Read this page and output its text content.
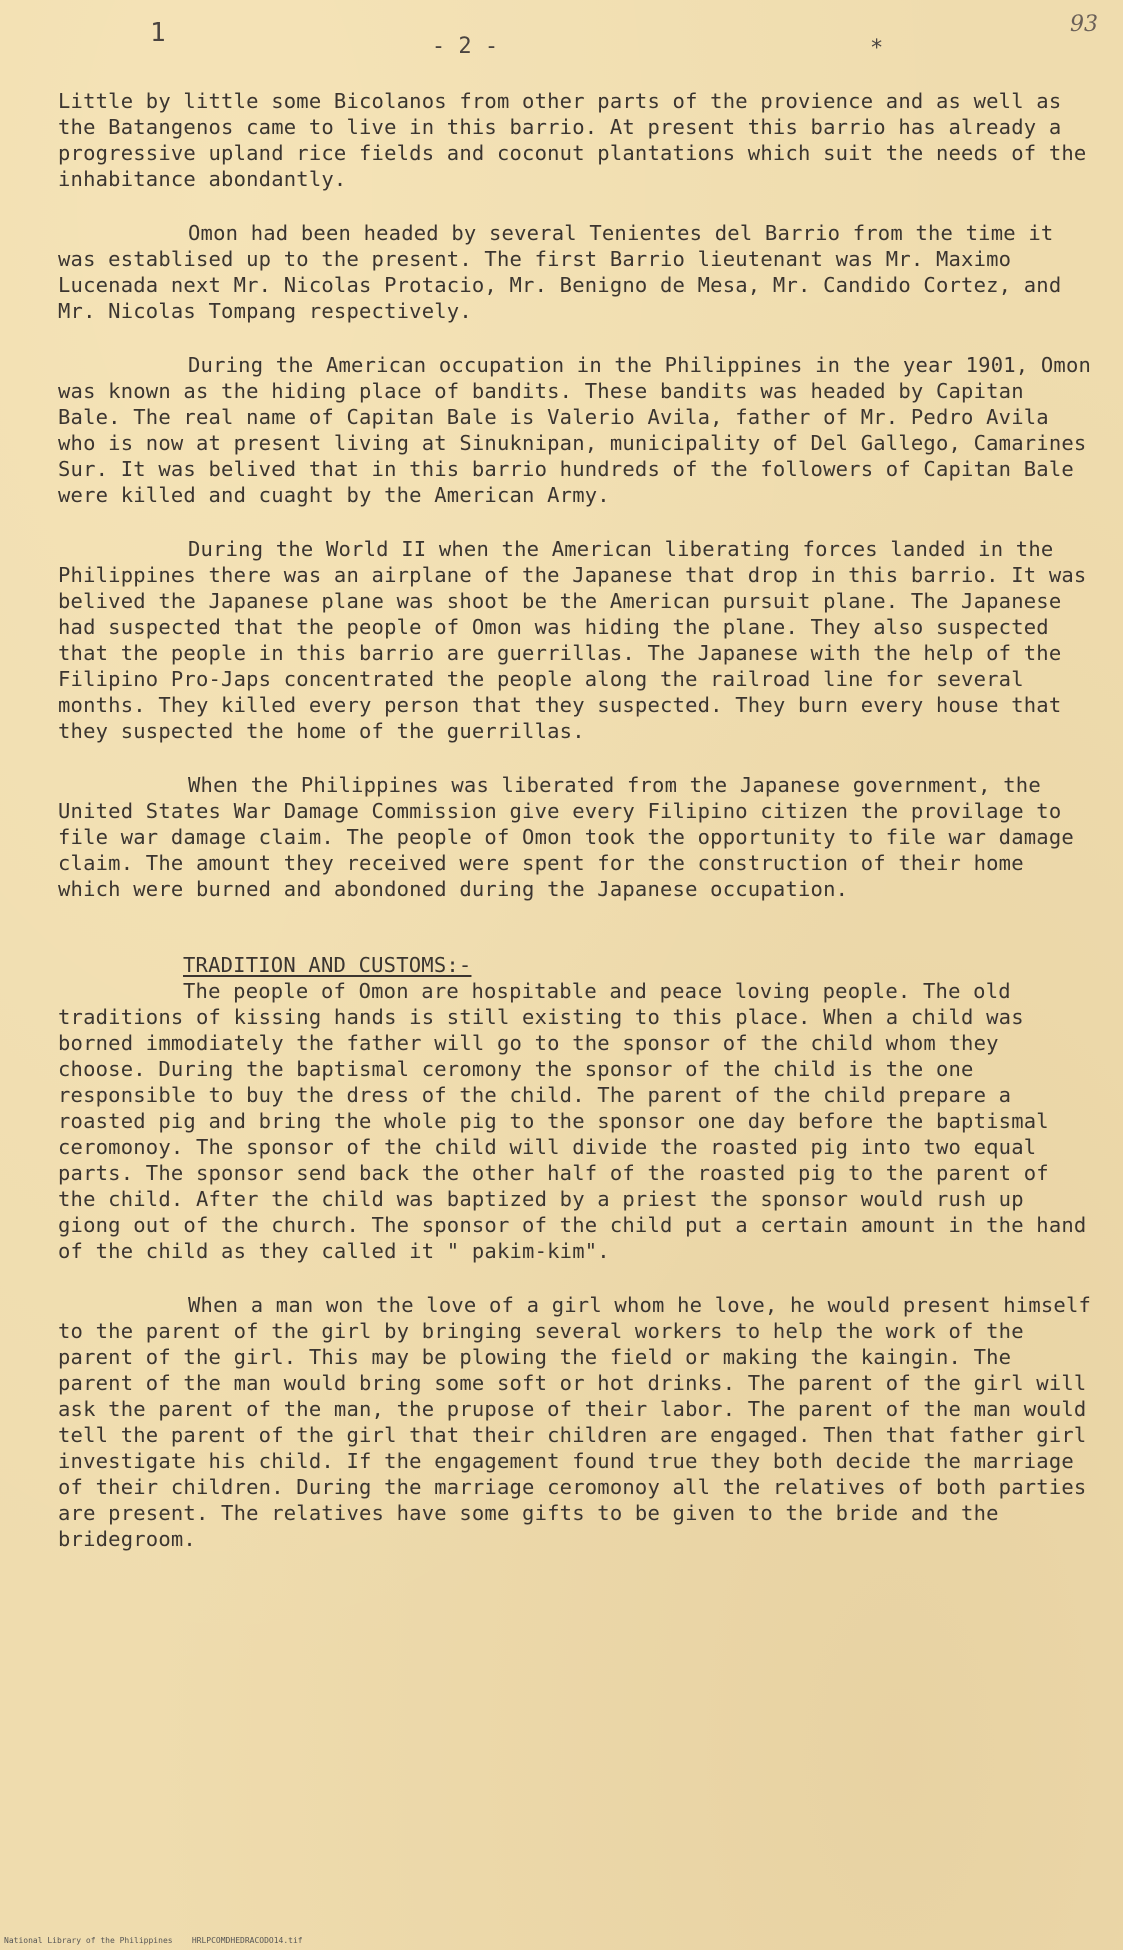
1	- 2 -	*
93

Little by little some Bicolanos from other parts of the provience and as well as the Batangenos came to live in this barrio. At present this barrio has already a progressive upland rice fields and coconut plantations which suit the needs of the inhabitance abondantly.

Omon had been headed by several Tenientes del Barrio from the time it was establised up to the present. The first Barrio lieutenant was Mr. Maximo Lucenada next Mr. Nicolas Protacio, Mr. Benigno de Mesa, Mr. Candido Cortez, and Mr. Nicolas Tompang respectively.

During the American occupation in the Philippines in the year 1901, Omon was known as the hiding place of bandits. These bandits was headed by Capitan Bale. The real name of Capitan Bale is Valerio Avila, father of Mr. Pedro Avila who is now at present living at Sinuknipan, municipality of Del Gallego, Camarines Sur. It was belived that in this barrio hundreds of the followers of Capitan Bale were killed and cuaght by the American Army.

During the World II when the American liberating forces landed in the Philippines there was an airplane of the Japanese that drop in this barrio. It was belived the Japanese plane was shoot be the American pursuit plane. The Japanese had suspected that the people of Omon was hiding the plane. They also suspected that the people in this barrio are guerrillas. The Japanese with the help of the Filipino Pro-Japs concentrated the people along the railroad line for several months. They killed every person that they suspected. They burn every house that they suspected the home of the guerrillas.

When the Philippines was liberated from the Japanese government, the United States War Damage Commission give every Filipino citizen the provilage to file war damage claim. The people of Omon took the opportunity to file war damage claim. The amount they received were spent for the construction of their home which were burned and abondoned during the Japanese occupation.

TRADITION AND CUSTOMS:-

The people of Omon are hospitable and peace loving people. The old traditions of kissing hands is still existing to this place. When a child was borned immodiately the father will go to the sponsor of the child whom they choose. During the baptismal ceromony the sponsor of the child is the one responsible to buy the dress of the child. The parent of the child prepare a roasted pig and bring the whole pig to the sponsor one day before the baptismal ceromonoy. The sponsor of the child will divide the roasted pig into two equal parts. The sponsor send back the other half of the roasted pig to the parent of the child. After the child was baptized by a priest the sponsor would rush up giong out of the church. The sponsor of the child put a certain amount in the hand of the child as they called it " pakim-kim".

When a man won the love of a girl whom he love, he would present himself to the parent of the girl by bringing several workers to help the work of the parent of the girl. This may be plowing the field or making the kaingin. The parent of the man would bring some soft or hot drinks. The parent of the girl will ask the parent of the man, the prupose of their labor. The parent of the man would tell the parent of the girl that their children are engaged. Then that father girl investigate his child. If the engagement found true they both decide the marriage of their children. During the marriage ceromonoy all the relatives of both parties are present. The relatives have some gifts to be given to the bride and the bridegroom.

National Library of the Philippines    HRLPCOMDHEDRACODO14.tif
